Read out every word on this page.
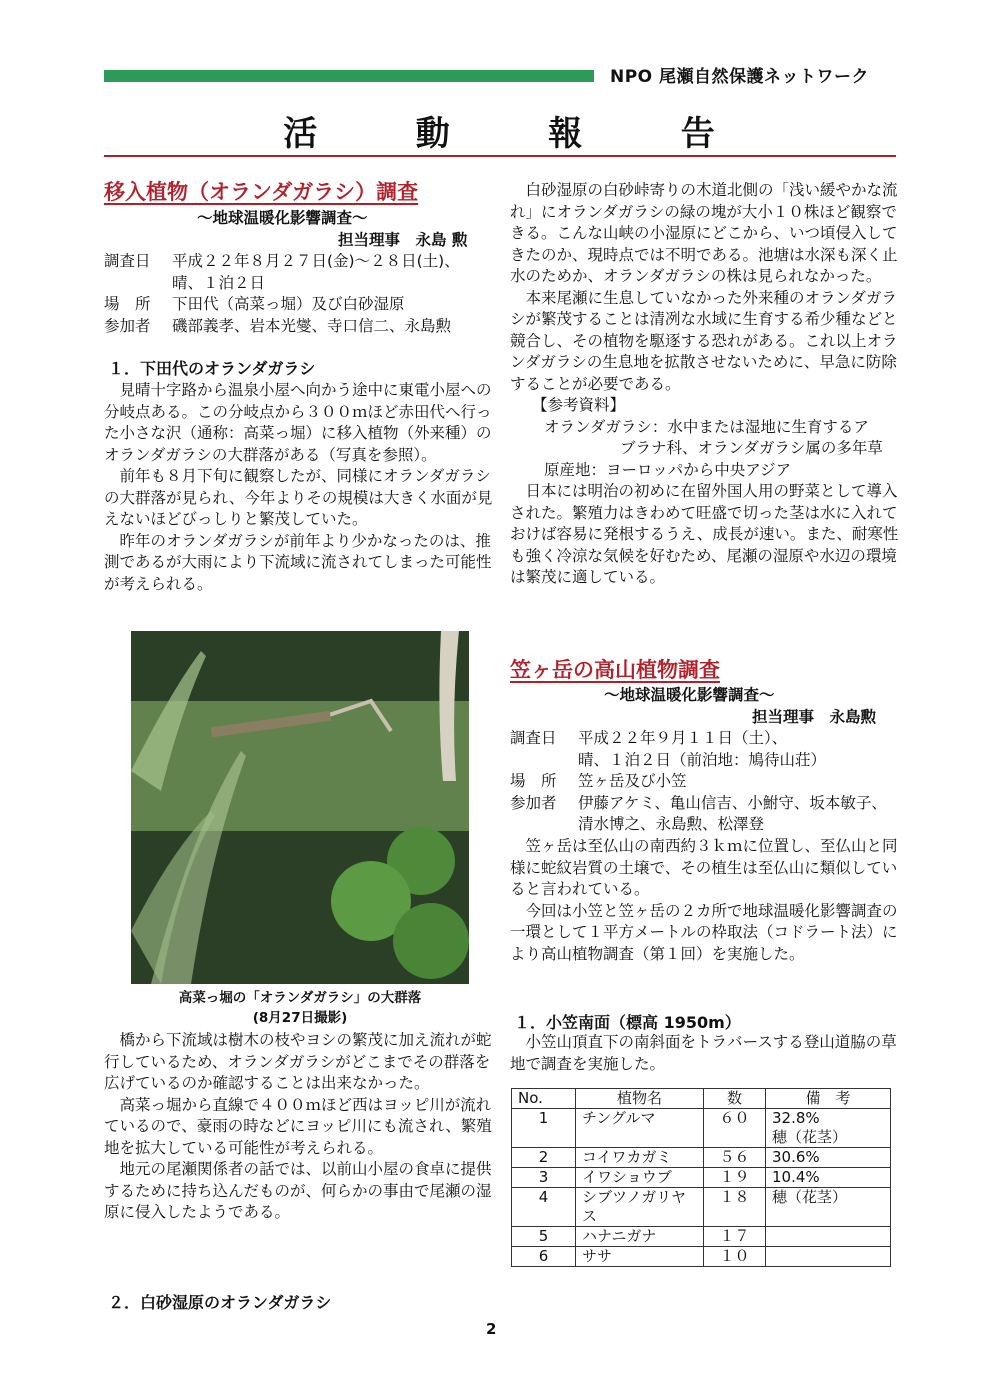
NPO 尾瀬自然保護ネットワーク
活	動	報	告
移入植物（オランダガラシ）調査
～地球温暖化影響調査～
担当理事　永島 勲
調査日	平成２２年８月２７日(金)～２８日(土)、
晴、１泊２日
場　所	下田代（高菜っ堀）及び白砂湿原
参加者	磯部義孝、岩本光燮、寺口信二、永島勲
１．下田代のオランダガラシ

　見晴十字路から温泉小屋へ向かう途中に東電小屋への分岐点ある。この分岐点から３００ｍほど赤田代へ行った小さな沢（通称：高菜っ堀）に移入植物（外来種）のオランダガラシの大群落がある（写真を参照）。

　前年も８月下旬に観察したが、同様にオランダガラシの大群落が見られ、今年よりその規模は大きく水面が見えないほどびっしりと繁茂していた。

　昨年のオランダガラシが前年より少かなったのは、推測であるが大雨により下流域に流されてしまった可能性が考えられる。

高菜っ堀の「オランダガラシ」の大群落
(8月27日撮影)

　橋から下流域は樹木の枝やヨシの繁茂に加え流れが蛇行しているため、オランダガラシがどこまでその群落を広げているのか確認することは出来なかった。

　高菜っ堀から直線で４００ｍほど西はヨッピ川が流れているので、豪雨の時などにヨッピ川にも流され、繁殖地を拡大している可能性が考えられる。

　地元の尾瀬関係者の話では、以前山小屋の食卓に提供するために持ち込んだものが、何らかの事由で尾瀬の湿原に侵入したようである。

２．白砂湿原のオランダガラシ

　白砂湿原の白砂峠寄りの木道北側の「浅い緩やかな流れ」にオランダガラシの緑の塊が大小１０株ほど観察できる。こんな山峡の小湿原にどこから、いつ頃侵入してきたのか、現時点では不明である。池塘は水深も深く止水のためか、オランダガラシの株は見られなかった。

　本来尾瀬に生息していなかった外来種のオランダガラシが繁茂することは清冽な水域に生育する希少種などと競合し、その植物を駆逐する恐れがある。これ以上オランダガラシの生息地を拡散させないために、早急に防除することが必要である。

【参考資料】

オランダガラシ：水中または湿地に生育するア

ブラナ科、オランダガラシ属の多年草

原産地：ヨーロッパから中央アジア

　日本には明治の初めに在留外国人用の野菜として導入された。繁殖力はきわめて旺盛で切った茎は水に入れておけば容易に発根するうえ、成長が速い。また、耐寒性も強く冷涼な気候を好むため、尾瀬の湿原や水辺の環境は繁茂に適している。

笠ヶ岳の高山植物調査
～地球温暖化影響調査～
担当理事　永島勲
調査日	平成２２年９月１１日（土）、
晴、１泊２日（前泊地：鳩待山荘）
場　所	笠ヶ岳及び小笠
参加者	伊藤アケミ、亀山信吉、小鮒守、坂本敏子、清水博之、永島勲、松澤登

　笠ヶ岳は至仏山の南西約３ｋｍに位置し、至仏山と同様に蛇紋岩質の土壌で、その植生は至仏山に類似していると言われている。

　今回は小笠と笠ヶ岳の２カ所で地球温暖化影響調査の一環として１平方メートルの枠取法（コドラート法）により高山植物調査（第１回）を実施した。

１．小笠南面（標高 1950m）

　小笠山頂直下の南斜面をトラバースする登山道脇の草地で調査を実施した。

No.	植物名	数	備　考
1	チングルマ	６０	32.8%
穂（花茎）
2	コイワカガミ	５６	30.6%
3	イワショウブ	１９	10.4%
4	シブツノガリヤス	１８	穂（花茎）
5	ハナニガナ	１７	
6	ササ	１０	
2
